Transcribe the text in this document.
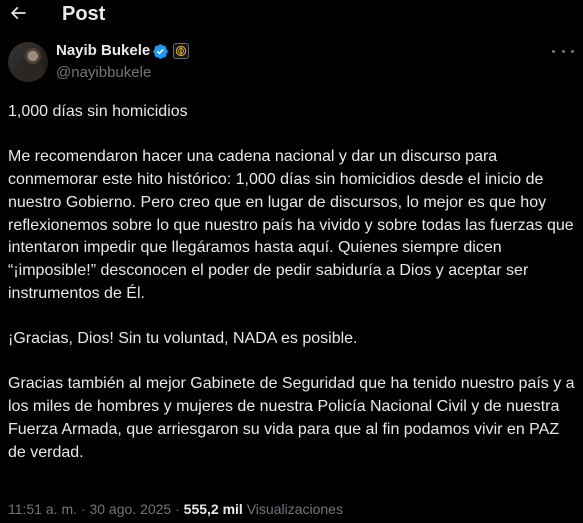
Post
Nayib Bukele
@nayibbukele

1,000 días sin homicidios

Me recomendaron hacer una cadena nacional y dar un discurso para conmemorar este hito histórico: 1,000 días sin homicidios desde el inicio de nuestro Gobierno. Pero creo que en lugar de discursos, lo mejor es que hoy reflexionemos sobre lo que nuestro país ha vivido y sobre todas las fuerzas que intentaron impedir que llegáramos hasta aquí. Quienes siempre dicen “¡imposible!” desconocen el poder de pedir sabiduría a Dios y aceptar ser instrumentos de Él.

¡Gracias, Dios! Sin tu voluntad, NADA es posible.

Gracias también al mejor Gabinete de Seguridad que ha tenido nuestro país y a los miles de hombres y mujeres de nuestra Policía Nacional Civil y de nuestra Fuerza Armada, que arriesgaron su vida para que al fin podamos vivir en PAZ de verdad.

11:51 a. m. · 30 ago. 2025 · 555,2 mil Visualizaciones
